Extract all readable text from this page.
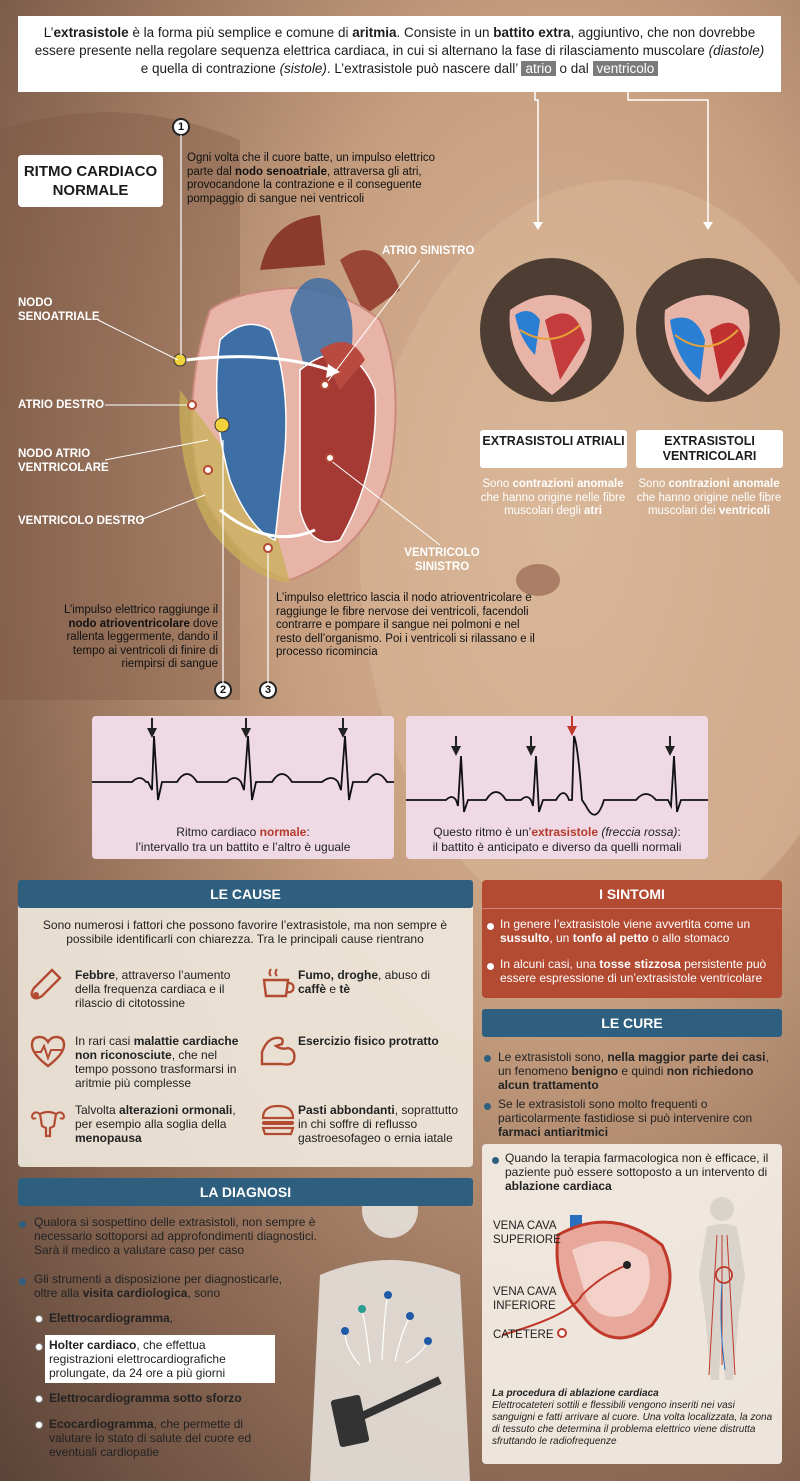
L’extrasistole è la forma più semplice e comune di aritmia. Consiste in un battito extra, aggiuntivo, che non dovrebbe essere presente nella regolare sequenza elettrica cardiaca, in cui si alternano la fase di rilasciamento muscolare (diastole) e quella di contrazione (sistole). L’extrasistole può nascere dall’ atrio o dal ventricolo
RITMO CARDIACO NORMALE
1
2	3
Ogni volta che il cuore batte, un impulso elettrico parte dal nodo senoatriale, attraversa gli atri, provocandone la contrazione e il conseguente pompaggio di sangue nei ventricoli
NODO SENOATRIALE
ATRIO DESTRO
NODO ATRIO VENTRICOLARE
VENTRICOLO DESTRO
ATRIO SINISTRO
VENTRICOLO SINISTRO
L’impulso elettrico raggiunge il nodo atrioventricolare dove rallenta leggermente, dando il tempo ai ventricoli di finire di riempirsi di sangue
L’impulso elettrico lascia il nodo atrioventricolare e raggiunge le fibre nervose dei ventricoli, facendoli contrarre e pompare il sangue nei polmoni e nel resto dell’organismo. Poi i ventricoli si rilassano e il processo ricomincia
EXTRASISTOLI ATRIALI	EXTRASISTOLI VENTRICOLARI
Sono contrazioni anomale che hanno origine nelle fibre muscolari degli atri
Sono contrazioni anomale che hanno origine nelle fibre muscolari dei ventricoli
Ritmo cardiaco normale:
l’intervallo tra un battito e l’altro è uguale
Questo ritmo è un’extrasistole (freccia rossa):
il battito è anticipato e diverso da quelli normali
LE CAUSE
Sono numerosi i fattori che possono favorire l’extrasistole, ma non sempre è possibile identificarli con chiarezza. Tra le principali cause rientrano
Febbre, attraverso l’aumento della frequenza cardiaca e il rilascio di citotossine
Fumo, droghe, abuso di caffè e tè
In rari casi malattie cardiache non riconosciute, che nel tempo possono trasformarsi in aritmie più complesse
Esercizio fisico protratto
Talvolta alterazioni ormonali, per esempio alla soglia della menopausa
Pasti abbondanti, soprattutto in chi soffre di reflusso gastroesofageo o ernia iatale
I SINTOMI
In genere l’extrasistole viene avvertita come un sussulto, un tonfo al petto o allo stomaco
In alcuni casi, una tosse stizzosa persistente può essere espressione di un’extrasistole ventricolare
LE CURE
Le extrasistoli sono, nella maggior parte dei casi, un fenomeno benigno e quindi non richiedono alcun trattamento
Se le extrasistoli sono molto frequenti o particolarmente fastidiose si può intervenire con farmaci antiaritmici
Quando la terapia farmacologica non è efficace, il paziente può essere sottoposto a un intervento di ablazione cardiaca
VENA CAVA SUPERIORE
VENA CAVA INFERIORE
CATETERE
La procedura di ablazione cardiaca
Elettrocateteri sottili e flessibili vengono inseriti nei vasi sanguigni e fatti arrivare al cuore. Una volta localizzata, la zona di tessuto che determina il problema elettrico viene distrutta sfruttando le radiofrequenze
LA DIAGNOSI
Qualora si sospettino delle extrasistoli, non sempre è necessario sottoporsi ad approfondimenti diagnostici. Sarà il medico a valutare caso per caso
Gli strumenti a disposizione per diagnosticarle, oltre alla visita cardiologica, sono
Elettrocardiogramma,
Holter cardiaco, che effettua registrazioni elettrocardiografiche prolungate, da 24 ore a più giorni
Elettrocardiogramma sotto sforzo
Ecocardiogramma, che permette di valutare lo stato di salute del cuore ed eventuali cardiopatie
